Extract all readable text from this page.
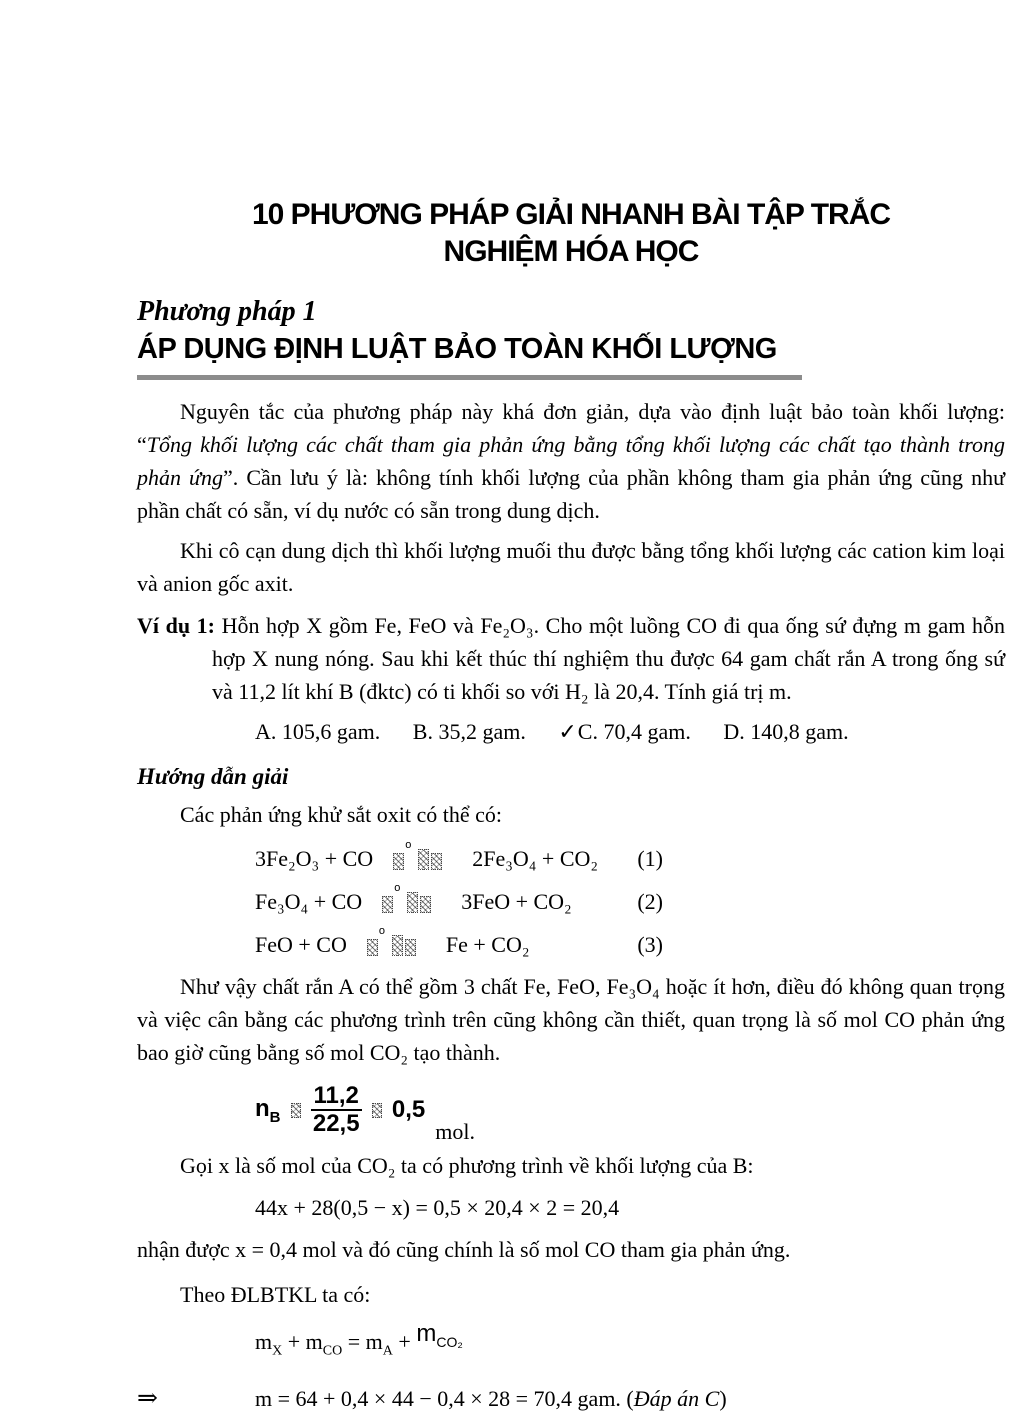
10 PHƯƠNG PHÁP GIẢI NHANH BÀI TẬP TRẮC
NGHIỆM HÓA HỌC
Phương pháp 1
ÁP DỤNG ĐỊNH LUẬT BẢO TOÀN KHỐI LƯỢNG
Nguyên tắc của phương pháp này khá đơn giản, dựa vào định luật bảo toàn khối lượng: “Tổng khối lượng các chất tham gia phản ứng bằng tổng khối lượng các chất tạo thành trong phản ứng”. Cần lưu ý là: không tính khối lượng của phần không tham gia phản ứng cũng như phần chất có sẵn, ví dụ nước có sẵn trong dung dịch.
Khi cô cạn dung dịch thì khối lượng muối thu được bằng tổng khối lượng các cation kim loại và anion gốc axit.
Ví dụ 1: Hỗn hợp X gồm Fe, FeO và Fe₂O₃. Cho một luồng CO đi qua ống sứ đựng m gam hỗn hợp X nung nóng. Sau khi kết thúc thí nghiệm thu được 64 gam chất rắn A trong ống sứ và 11,2 lít khí B (đktc) có ti khối so với H₂ là 20,4. Tính giá trị m.
A. 105,6 gam. B. 35,2 gam. ✓C. 70,4 gam. D. 140,8 gam.
Hướng dẫn giải
Các phản ứng khử sắt oxit có thể có:
3Fe₂O₃ + CO
o
2Fe₃O₄ + CO₂ (1)
Fe₃O₄ + CO
o
3FeO + CO₂	(2)
FeO + CO
o
Fe + CO₂	(3)
Như vậy chất rắn A có thể gồm 3 chất Fe, FeO, Fe₃O₄ hoặc ít hơn, điều đó không quan trọng và việc cân bằng các phương trình trên cũng không cần thiết, quan trọng là số mol CO phản ứng bao giờ cũng bằng số mol CO₂ tạo thành.
$n_B \frac{11,2}{22,5} 0,5$
mol.
Gọi x là số mol của CO₂ ta có phương trình về khối lượng của B:
44x + 28(0,5 − x) = 0,5 × 20,4 × 2 = 20,4
nhận được x = 0,4 mol và đó cũng chính là số mol CO tham gia phản ứng.
Theo ĐLBTKL ta có:
$m_X + m_{CO} = m_A + m_{CO_2}$
⇒	m = 64 + 0,4 × 44 − 0,4 × 28 = 70,4 gam. (Đáp án C)
